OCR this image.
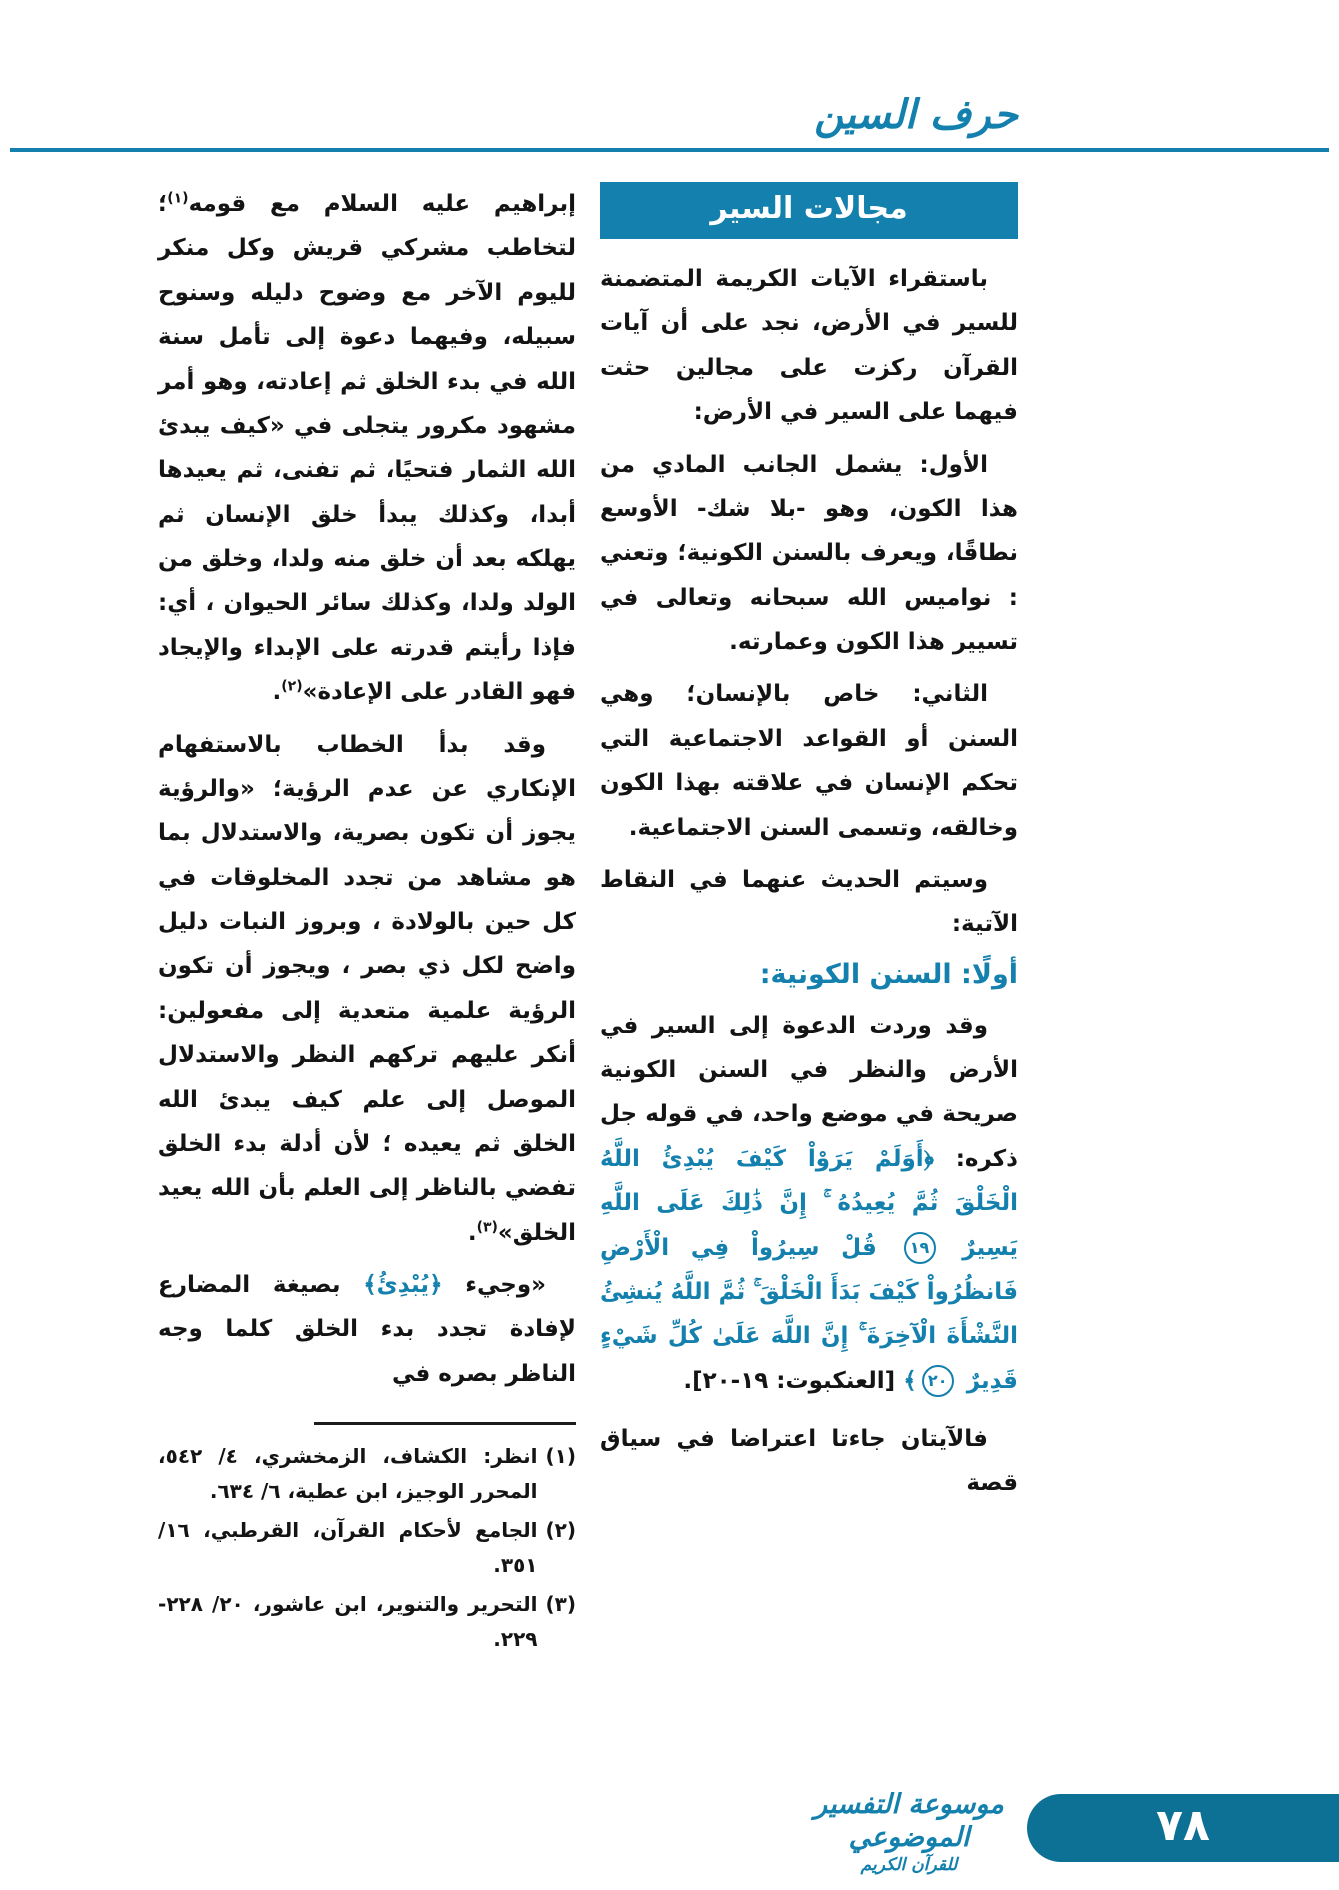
حرف السين
مجالات السير

باستقراء الآيات الكريمة المتضمنة للسير في الأرض، نجد على أن آيات القرآن ركزت على مجالين حثت فيهما على السير في الأرض:

الأول: يشمل الجانب المادي من هذا الكون، وهو -بلا شك- الأوسع نطاقًا، ويعرف بالسنن الكونية؛ وتعني : نواميس الله سبحانه وتعالى في تسيير هذا الكون وعمارته.

الثاني: خاص بالإنسان؛ وهي السنن أو القواعد الاجتماعية التي تحكم الإنسان في علاقته بهذا الكون وخالقه، وتسمى السنن الاجتماعية.

وسيتم الحديث عنهما في النقاط الآتية:

أولًا: السنن الكونية:

وقد وردت الدعوة إلى السير في الأرض والنظر في السنن الكونية صريحة في موضع واحد، في قوله جل ذكره: ﴿أَوَلَمْ يَرَوْاْ كَيْفَ يُبْدِئُ اللَّهُ الْخَلْقَ ثُمَّ يُعِيدُهُ ۚ إِنَّ ذَٰلِكَ عَلَى اللَّهِ يَسِيرٌ ١٩ قُلْ سِيرُواْ فِي الْأَرْضِ فَانظُرُواْ كَيْفَ بَدَأَ الْخَلْقَ ۚ ثُمَّ اللَّهُ يُنشِئُ النَّشْأَةَ الْآخِرَةَ ۚ إِنَّ اللَّهَ عَلَىٰ كُلِّ شَيْءٍ قَدِيرٌ ٢٠﴾ [العنكبوت: ١٩-٢٠].

فالآيتان جاءتا اعتراضا في سياق قصة

إبراهيم عليه السلام مع قومه$^{(١)}$؛ لتخاطب مشركي قريش وكل منكر لليوم الآخر مع وضوح دليله وسنوح سبيله، وفيهما دعوة إلى تأمل سنة الله في بدء الخلق ثم إعادته، وهو أمر مشهود مكرور يتجلى في «كيف يبدئ الله الثمار فتحيًا، ثم تفنى، ثم يعيدها أبدا، وكذلك يبدأ خلق الإنسان ثم يهلكه بعد أن خلق منه ولدا، وخلق من الولد ولدا، وكذلك سائر الحيوان ، أي: فإذا رأيتم قدرته على الإبداء والإيجاد فهو القادر على الإعادة»$^{(٢)}$.

وقد بدأ الخطاب بالاستفهام الإنكاري عن عدم الرؤية؛ «والرؤية يجوز أن تكون بصرية، والاستدلال بما هو مشاهد من تجدد المخلوقات في كل حين بالولادة ، وبروز النبات دليل واضح لكل ذي بصر ، ويجوز أن تكون الرؤية علمية متعدية إلى مفعولين: أنكر عليهم تركهم النظر والاستدلال الموصل إلى علم كيف يبدئ الله الخلق ثم يعيده ؛ لأن أدلة بدء الخلق تفضي بالناظر إلى العلم بأن الله يعيد الخلق»$^{(٣)}$.

«وجيء ﴿يُبْدِئُ﴾ بصيغة المضارع لإفادة تجدد بدء الخلق كلما وجه الناظر بصره في

(١)
انظر: الكشاف، الزمخشري، ٤/ ٥٤٢، المحرر الوجيز، ابن عطية، ٦/ ٦٣٤.
(٢)
الجامع لأحكام القرآن، القرطبي، ١٦/ ٣٥١.
(٣)
التحرير والتنوير، ابن عاشور، ٢٠/ ٢٢٨- ٢٢٩.
موسوعة التفسير الموضوعي
للقرآن الكريم
٧٨
